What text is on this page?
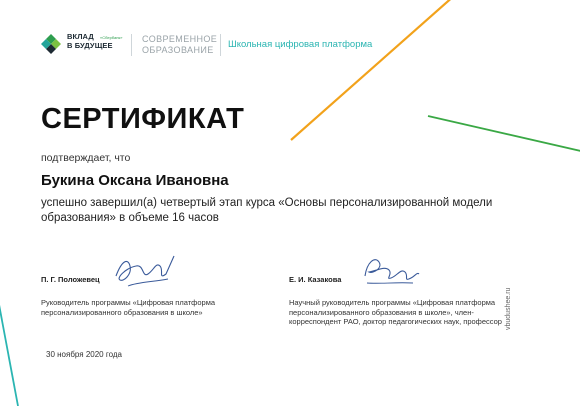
ВКЛАД
В БУДУЩЕЕ
«Сбербанк» СОВРЕМЕННОЕ
ОБРАЗОВАНИЕ	Школьная цифровая платформа
СЕРТИФИКАТ
подтверждает, что
Букина Оксана Ивановна
успешно завершил(а) четвертый этап курса «Основы персонализированной модели образования» в объеме 16 часов
П. Г. Положевец
Руководитель программы «Цифровая платформа персонализированного образования в школе»
30 ноября 2020 года
Е. И. Казакова
Научный руководитель программы «Цифровая платформа персонализированного образования в школе», член-корреспондент РАО, доктор педагогических наук, профессор vbudushee.ru
